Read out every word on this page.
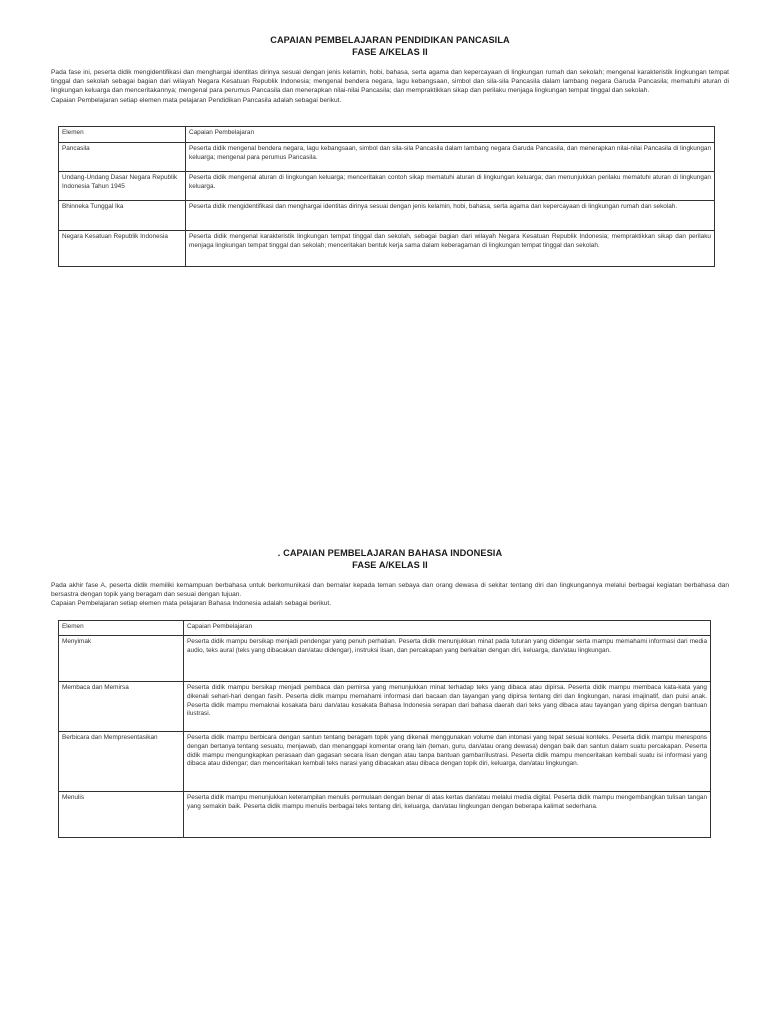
CAPAIAN PEMBELAJARAN PENDIDIKAN PANCASILA
FASE A/KELAS II

Pada fase ini, peserta didik mengidentifikasi dan menghargai identitas dirinya sesuai dengan jenis kelamin, hobi, bahasa, serta agama dan kepercayaan di lingkungan rumah dan sekolah; mengenal karakteristik lingkungan tempat tinggal dan sekolah sebagai bagian dari wilayah Negara Kesatuan Republik Indonesia; mengenal bendera negara, lagu kebangsaan, simbol dan sila-sila Pancasila dalam lambang negara Garuda Pancasila; mematuhi aturan di lingkungan keluarga dan menceritakannya; mengenal para perumus Pancasila dan menerapkan nilai-nilai Pancasila; dan mempraktikkan sikap dan perilaku menjaga lingkungan tempat tinggal dan sekolah.

Capaian Pembelajaran setiap elemen mata pelajaran Pendidikan Pancasila adalah sebagai berikut.

Elemen	Capaian Pembelajaran
Pancasila	Peserta didik mengenal bendera negara, lagu kebangsaan, simbol dan sila-sila Pancasila dalam lambang negara Garuda Pancasila, dan menerapkan nilai-nilai Pancasila di lingkungan keluarga; mengenal para perumus Pancasila.
Undang-Undang Dasar Negara Republik Indonesia Tahun 1945	Peserta didik mengenal aturan di lingkungan keluarga; menceritakan contoh sikap mematuhi aturan di lingkungan keluarga; dan menunjukkan perilaku mematuhi aturan di lingkungan keluarga.
Bhinneka Tunggal Ika	Peserta didik mengidentifikasi dan menghargai identitas dirinya sesuai dengan jenis kelamin, hobi, bahasa, serta agama dan kepercayaan di lingkungan rumah dan sekolah.
Negara Kesatuan Republik Indonesia	Peserta didik mengenal karakteristik lingkungan tempat tinggal dan sekolah, sebagai bagian dari wilayah Negara Kesatuan Republik Indonesia; mempraktikkan sikap dan perilaku menjaga lingkungan tempat tinggal dan sekolah; menceritakan bentuk kerja sama dalam keberagaman di lingkungan tempat tinggal dan sekolah.
. CAPAIAN PEMBELAJARAN BAHASA INDONESIA
FASE A/KELAS II

Pada akhir fase A, peserta didik memiliki kemampuan berbahasa untuk berkomunikasi dan bernalar kepada teman sebaya dan orang dewasa di sekitar tentang diri dan lingkungannya melalui berbagai kegiatan berbahasa dan bersastra dengan topik yang beragam dan sesuai dengan tujuan.

Capaian Pembelajaran setiap elemen mata pelajaran Bahasa Indonesia adalah sebagai berikut.

Elemen	Capaian Pembelajaran
Menyimak	Peserta didik mampu bersikap menjadi pendengar yang penuh perhatian. Peserta didik menunjukkan minat pada tuturan yang didengar serta mampu memahami informasi dari media audio, teks aural (teks yang dibacakan dan/atau didengar), instruksi lisan, dan percakapan yang berkaitan dengan diri, keluarga, dan/atau lingkungan.
Membaca dan Memirsa	Peserta didik mampu bersikap menjadi pembaca dan pemirsa yang menunjukkan minat terhadap teks yang dibaca atau dipirsa. Peserta didik mampu membaca kata-kata yang dikenali sehari-hari dengan fasih. Peserta didik mampu memahami informasi dari bacaan dan tayangan yang dipirsa tentang diri dan lingkungan, narasi imajinatif, dan puisi anak. Peserta didik mampu memaknai kosakata baru dan/atau kosakata Bahasa Indonesia serapan dari bahasa daerah dari teks yang dibaca atau tayangan yang dipirsa dengan bantuan ilustrasi.
Berbicara dan Mempresentasikan	Peserta didik mampu berbicara dengan santun tentang beragam topik yang dikenali menggunakan volume dan intonasi yang tepat sesuai konteks. Peserta didik mampu merespons dengan bertanya tentang sesuatu, menjawab, dan menanggapi komentar orang lain (teman, guru, dan/atau orang dewasa) dengan baik dan santun dalam suatu percakapan. Peserta didik mampu mengungkapkan perasaan dan gagasan secara lisan dengan atau tanpa bantuan gambar/ilustrasi. Peserta didik mampu menceritakan kembali suatu isi informasi yang dibaca atau didengar; dan menceritakan kembali teks narasi yang dibacakan atau dibaca dengan topik diri, keluarga, dan/atau lingkungan.
Menulis	Peserta didik mampu menunjukkan keterampilan menulis permulaan dengan benar di atas kertas dan/atau melalui media digital. Peserta didik mampu mengembangkan tulisan tangan yang semakin baik. Peserta didik mampu menulis berbagai teks tentang diri, keluarga, dan/atau lingkungan dengan beberapa kalimat sederhana.
